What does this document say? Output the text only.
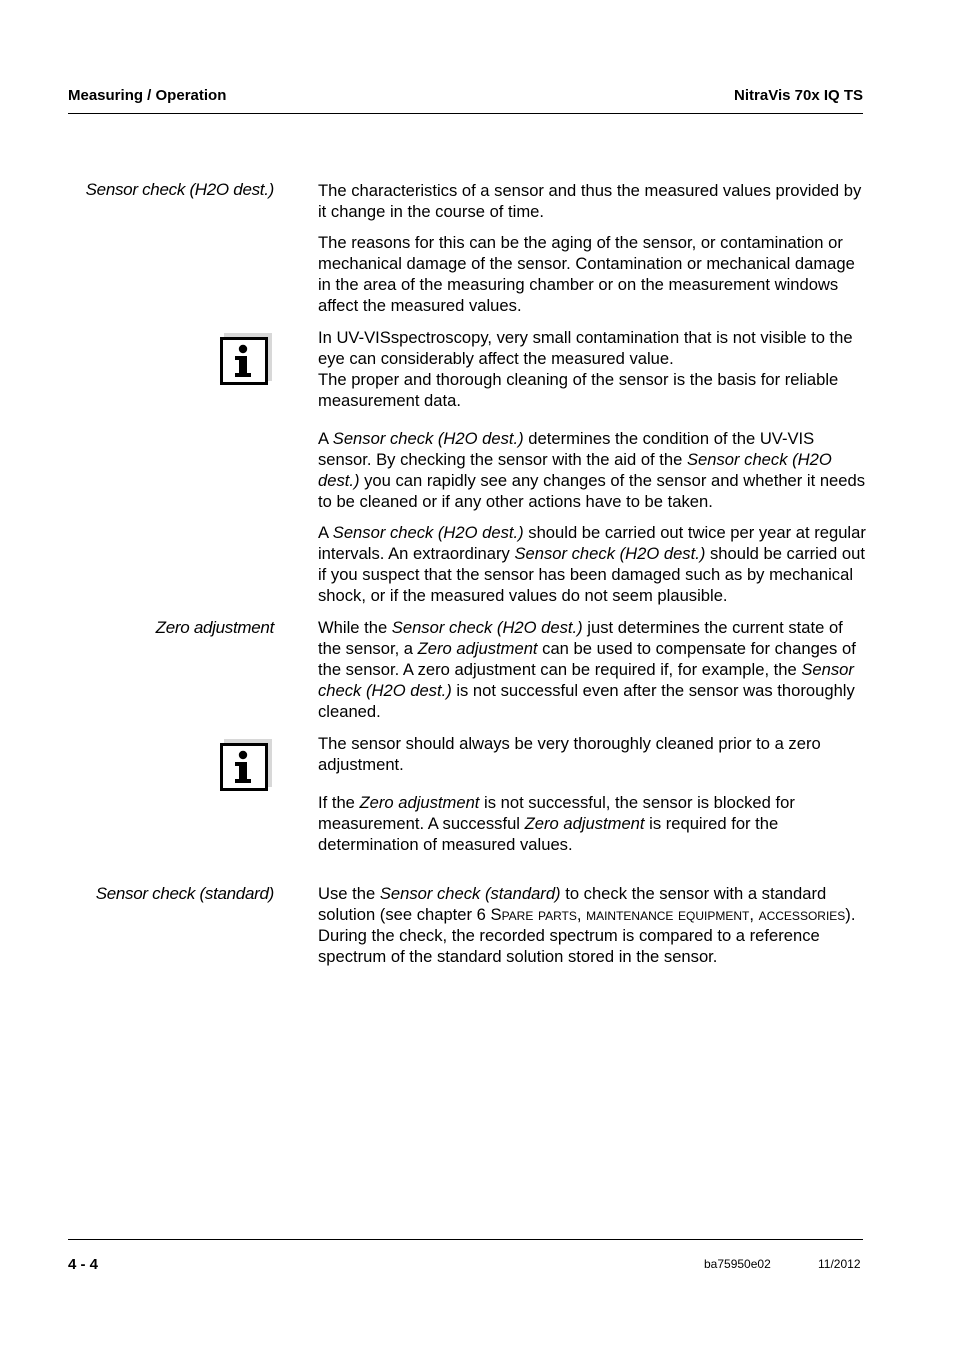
Measuring / Operation	NitraVis 70x IQ TS
Sensor check (H2O dest.)	The characteristics of a sensor and thus the measured values provided by it change in the course of time.

The reasons for this can be the aging of the sensor, or contamination or mechanical damage of the sensor. Contamination or mechanical damage in the area of the measuring chamber or on the measurement windows affect the measured values.

In UV-VISspectroscopy, very small contamination that is not visible to the eye can considerably affect the measured value.

The proper and thorough cleaning of the sensor is the basis for reliable measurement data.

A Sensor check (H2O dest.) determines the condition of the UV-VIS sensor. By checking the sensor with the aid of the Sensor check (H2O dest.) you can rapidly see any changes of the sensor and whether it needs to be cleaned or if any other actions have to be taken.

A Sensor check (H2O dest.) should be carried out twice per year at regular intervals. An extraordinary Sensor check (H2O dest.) should be carried out if you suspect that the sensor has been damaged such as by mechanical shock, or if the measured values do not seem plausible.

Zero adjustment	While the Sensor check (H2O dest.) just determines the current state of the sensor, a Zero adjustment can be used to compensate for changes of the sensor. A zero adjustment can be required if, for example, the Sensor check (H2O dest.) is not successful even after the sensor was thoroughly cleaned.

The sensor should always be very thoroughly cleaned prior to a zero adjustment.

If the Zero adjustment is not successful, the sensor is blocked for measurement. A successful Zero adjustment is required for the determination of measured values.

Sensor check (standard)	Use the Sensor check (standard) to check the sensor with a standard solution (see chapter 6 Spare parts, maintenance equipment, accessories). During the check, the recorded spectrum is compared to a reference spectrum of the standard solution stored in the sensor.

4 - 4	ba75950e02	11/2012
